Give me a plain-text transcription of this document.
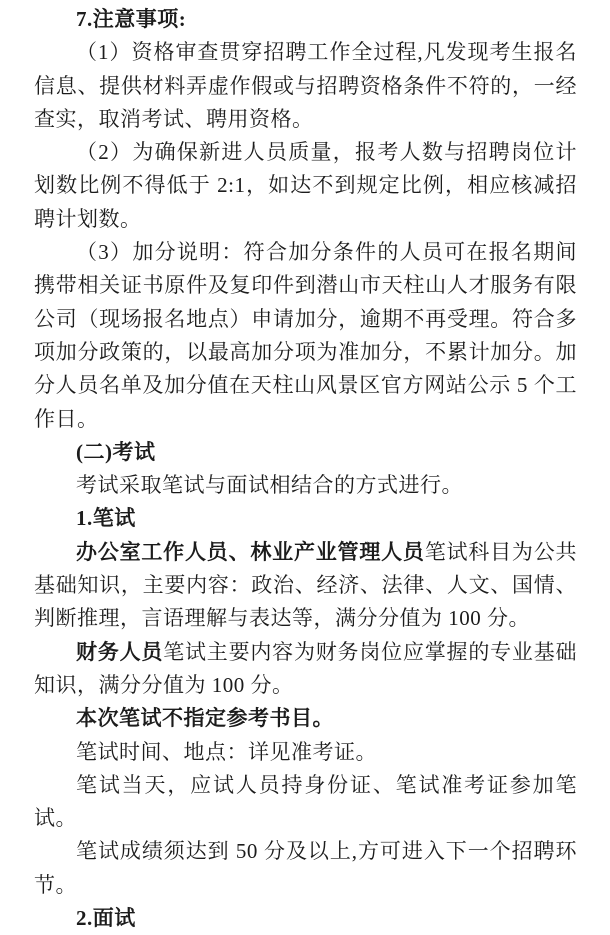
7.注意事项:

（1）资格审查贯穿招聘工作全过程,凡发现考生报名信息、提供材料弄虚作假或与招聘资格条件不符的，一经查实，取消考试、聘用资格。

（2）为确保新进人员质量，报考人数与招聘岗位计划数比例不得低于 2:1，如达不到规定比例，相应核减招聘计划数。

（3）加分说明：符合加分条件的人员可在报名期间携带相关证书原件及复印件到潜山市天柱山人才服务有限公司（现场报名地点）申请加分，逾期不再受理。符合多项加分政策的，以最高加分项为准加分，不累计加分。加分人员名单及加分值在天柱山风景区官方网站公示 5 个工作日。

(二)考试

考试采取笔试与面试相结合的方式进行。

1.笔试

办公室工作人员、林业产业管理人员笔试科目为公共基础知识，主要内容：政治、经济、法律、人文、国情、判断推理，言语理解与表达等，满分分值为 100 分。

财务人员笔试主要内容为财务岗位应掌握的专业基础知识，满分分值为 100 分。

本次笔试不指定参考书目。

笔试时间、地点：详见准考证。

笔试当天，应试人员持身份证、笔试准考证参加笔试。

笔试成绩须达到 50 分及以上,方可进入下一个招聘环节。

2.面试
